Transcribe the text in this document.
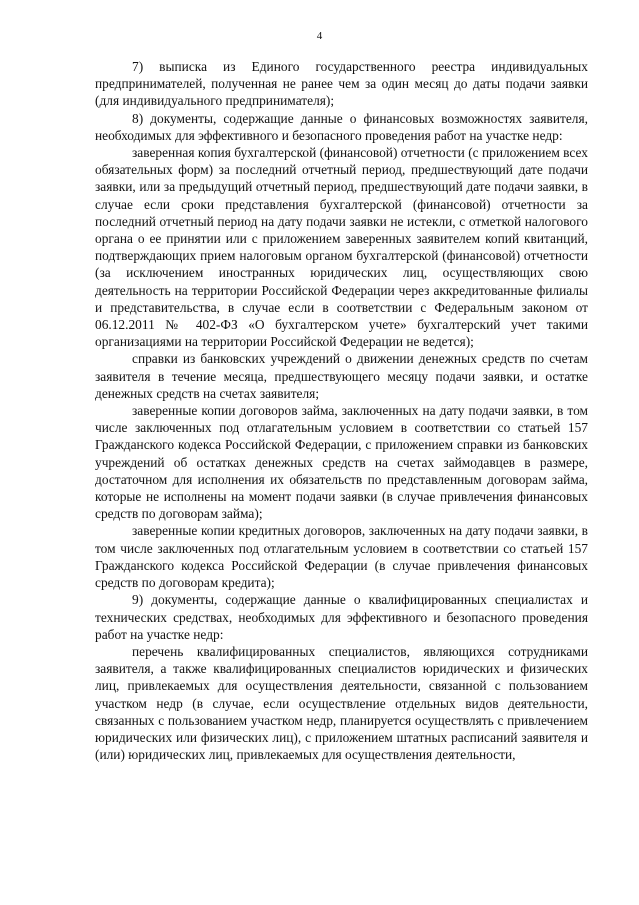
4

7) выписка из Единого государственного реестра индивидуальных предпринимателей, полученная не ранее чем за один месяц до даты подачи заявки (для индивидуального предпринимателя);

8) документы, содержащие данные о финансовых возможностях заявителя, необходимых для эффективного и безопасного проведения работ на участке недр:

заверенная копия бухгалтерской (финансовой) отчетности (с приложением всех обязательных форм) за последний отчетный период, предшествующий дате подачи заявки, или за предыдущий отчетный период, предшествующий дате подачи заявки, в случае если сроки представления бухгалтерской (финансовой) отчетности за последний отчетный период на дату подачи заявки не истекли, с отметкой налогового органа о ее принятии или с приложением заверенных заявителем копий квитанций, подтверждающих прием налоговым органом бухгалтерской (финансовой) отчетности (за исключением иностранных юридических лиц, осуществляющих свою деятельность на территории Российской Федерации через аккредитованные филиалы и представительства, в случае если в соответствии с Федеральным законом от 06.12.2011 № 402-ФЗ «О бухгалтерском учете» бухгалтерский учет такими организациями на территории Российской Федерации не ведется);

справки из банковских учреждений о движении денежных средств по счетам заявителя в течение месяца, предшествующего месяцу подачи заявки, и остатке денежных средств на счетах заявителя;

заверенные копии договоров займа, заключенных на дату подачи заявки, в том числе заключенных под отлагательным условием в соответствии со статьей 157 Гражданского кодекса Российской Федерации, с приложением справки из банковских учреждений об остатках денежных средств на счетах займодавцев в размере, достаточном для исполнения их обязательств по представленным договорам займа, которые не исполнены на момент подачи заявки (в случае привлечения финансовых средств по договорам займа);

заверенные копии кредитных договоров, заключенных на дату подачи заявки, в том числе заключенных под отлагательным условием в соответствии со статьей 157 Гражданского кодекса Российской Федерации (в случае привлечения финансовых средств по договорам кредита);

9) документы, содержащие данные о квалифицированных специалистах и технических средствах, необходимых для эффективного и безопасного проведения работ на участке недр:

перечень квалифицированных специалистов, являющихся сотрудниками заявителя, а также квалифицированных специалистов юридических и физических лиц, привлекаемых для осуществления деятельности, связанной с пользованием участком недр (в случае, если осуществление отдельных видов деятельности, связанных с пользованием участком недр, планируется осуществлять с привлечением юридических или физических лиц), с приложением штатных расписаний заявителя и (или) юридических лиц, привлекаемых для осуществления деятельности,
